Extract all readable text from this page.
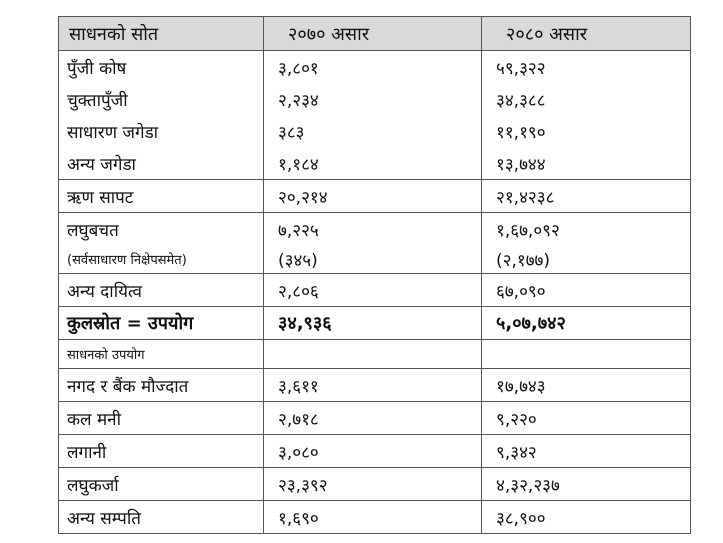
साधनको सोत	२०७० असार	२०८० असार
पुँजी कोष	३,८०१	५९,३२२
चुक्तापुँजी	२,२३४	३४,३८८
साधारण जगेडा	३८३	११,१९०
अन्य जगेडा	१,१८४	१३,७४४
ऋण सापट	२०,२१४	२१,४२३८
लघुबचत	७,२२५	१,६७,०९२
(सर्वसाधारण निक्षेपसमेत)	(३४५)	(२,१७७)
अन्य दायित्व	२,८०६	६७,०९०
कुलस्रोत = उपयोग	३४,९३६	५,०७,७४२
साधनको उपयोग		
नगद र बैंक मौज्दात	३,६११	१७,७४३
कल मनी	२,७१८	९,२२०
लगानी	३,०८०	९,३४२
लघुकर्जा	२३,३९२	४,३२,२३७
अन्य सम्पति	१,६९०	३८,९००
